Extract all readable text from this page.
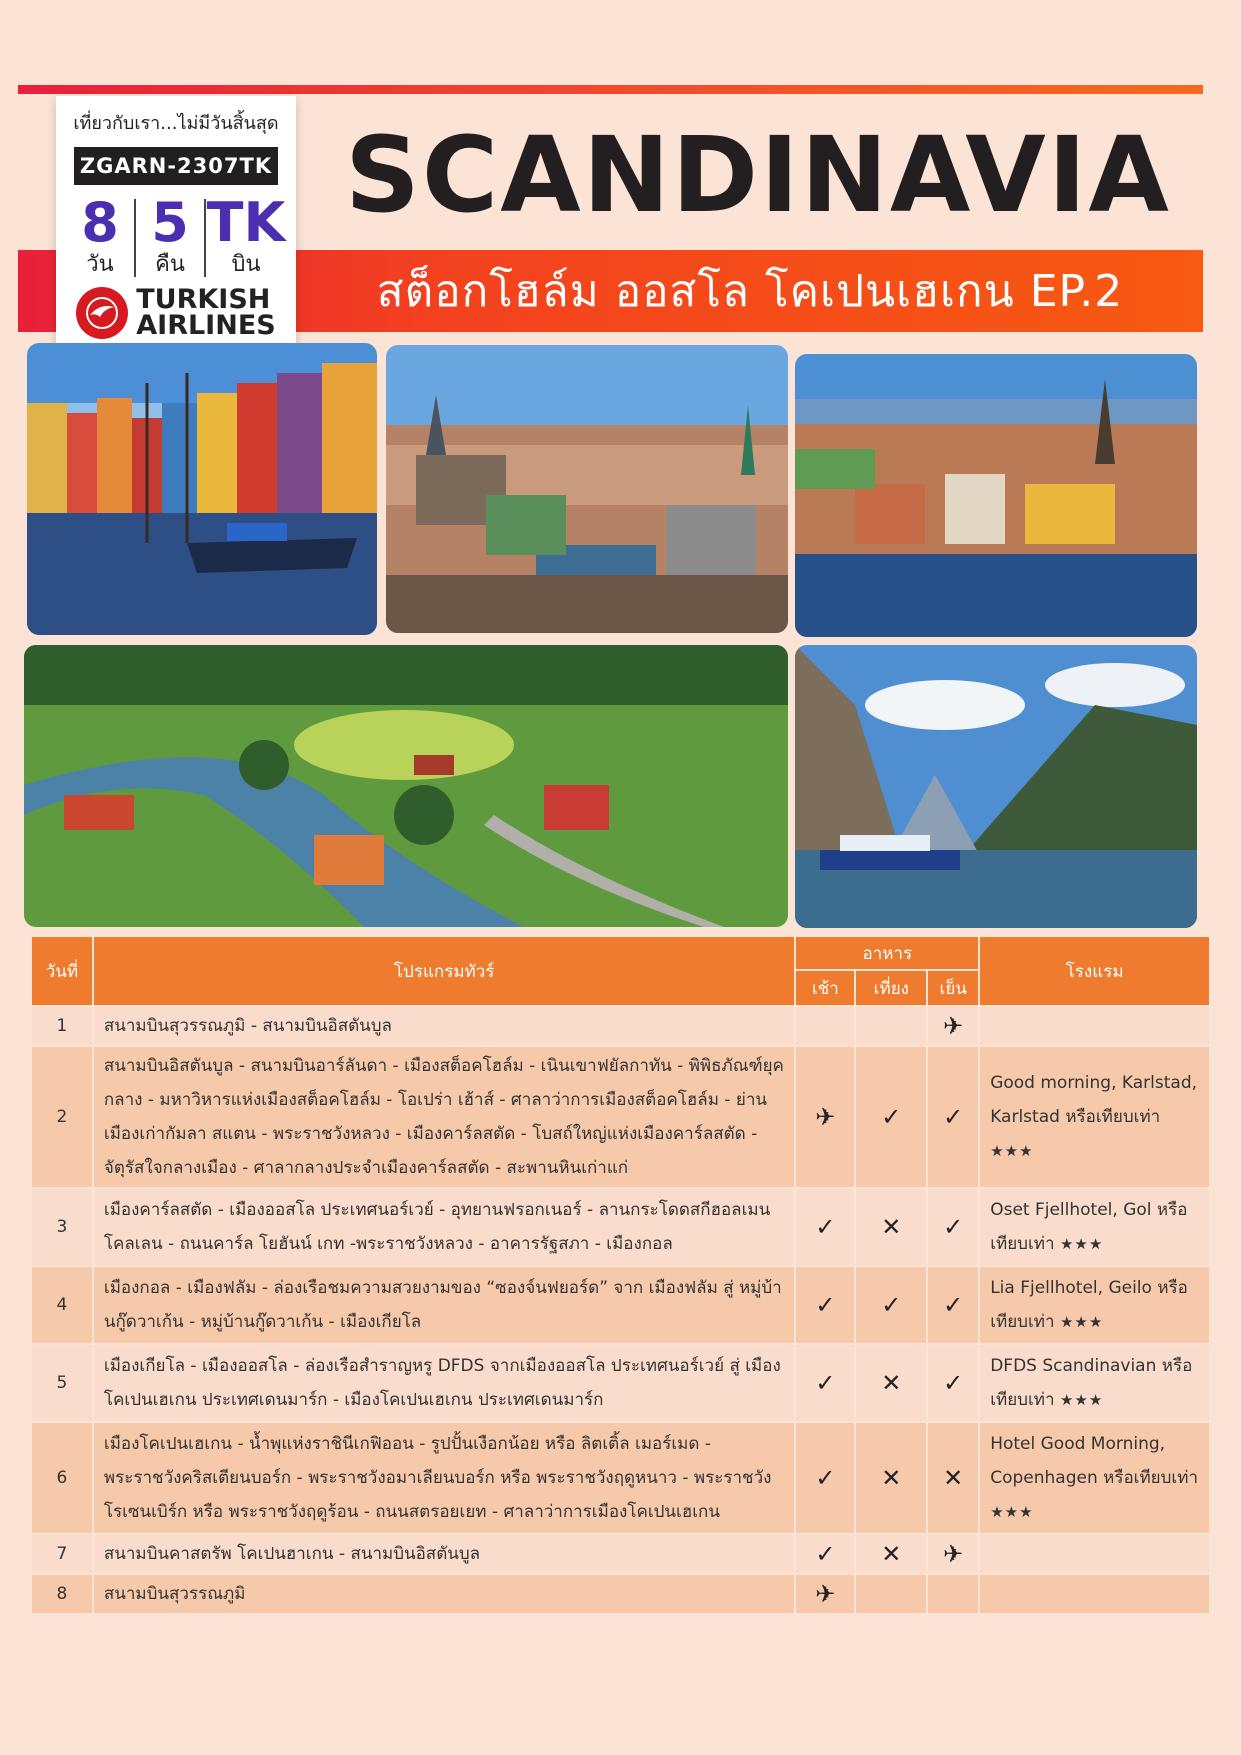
SCANDINAVIA
สต็อกโฮล์ม ออสโล โคเปนเฮเกน EP.2
เที่ยวกับเรา...ไม่มีวันสิ้นสุด
ZGARN-2307TK
8
วัน
5
คืน
TK
บิน
TURKISH
AIRLINES
วันที่	โปรแกรมทัวร์	อาหาร			โรงแรม
		เช้า	เที่ยง	เย็น	
1	สนามบินสุวรรณภูมิ - สนามบินอิสตันบูล			✈	
2	สนามบินอิสตันบูล - สนามบินอาร์ลันดา - เมืองสต็อคโฮล์ม - เนินเขาฟยัลกาทัน - พิพิธภัณฑ์ยุคกลาง - มหาวิหารแห่งเมืองสต็อคโฮล์ม - โอเปร่า เฮ้าส์ - ศาลาว่าการเมืองสต็อคโฮล์ม - ย่านเมืองเก่ากัมลา สแตน - พระราชวังหลวง - เมืองคาร์ลสตัด - โบสถ์ใหญ่แห่งเมืองคาร์ลสตัด - จัตุรัสใจกลางเมือง - ศาลากลางประจำเมืองคาร์ลสตัด - สะพานหินเก่าแก่	✈	✓	✓	Good morning, Karlstad, Karlstad หรือเทียบเท่า ★★★
3	เมืองคาร์ลสตัด - เมืองออสโล ประเทศนอร์เวย์ - อุทยานฟรอกเนอร์ - ลานกระโดดสกีฮอลเมนโคลเลน - ถนนคาร์ล โยฮันน์ เกท -พระราชวังหลวง - อาคารรัฐสภา - เมืองกอล	✓	✕	✓	Oset Fjellhotel, Gol หรือเทียบเท่า ★★★
4	เมืองกอล - เมืองฟลัม - ล่องเรือชมความสวยงามของ “ซองจ์นฟยอร์ด” จาก เมืองฟลัม สู่ หมู่บ้านกู๊ดวาเก้น - หมู่บ้านกู๊ดวาเก้น - เมืองเกียโล	✓	✓	✓	Lia Fjellhotel, Geilo หรือเทียบเท่า ★★★
5	เมืองเกียโล - เมืองออสโล - ล่องเรือสำราญหรู DFDS จากเมืองออสโล ประเทศนอร์เวย์ สู่ เมืองโคเปนเฮเกน ประเทศเดนมาร์ก - เมืองโคเปนเฮเกน ประเทศเดนมาร์ก	✓	✕	✓	DFDS Scandinavian หรือเทียบเท่า ★★★
6	เมืองโคเปนเฮเกน - น้ำพุแห่งราชินีเกฟิออน - รูปปั้นเงือกน้อย หรือ ลิตเติ้ล เมอร์เมด - พระราชวังคริสเตียนบอร์ก - พระราชวังอมาเลียนบอร์ก หรือ พระราชวังฤดูหนาว - พระราชวังโรเซนเบิร์ก หรือ พระราชวังฤดูร้อน - ถนนสตรอยเยท - ศาลาว่าการเมืองโคเปนเฮเกน	✓	✕	✕	Hotel Good Morning, Copenhagen หรือเทียบเท่า ★★★
7	สนามบินคาสตรัพ โคเปนฮาเกน - สนามบินอิสตันบูล	✓	✕	✈	
8	สนามบินสุวรรณภูมิ	✈			
